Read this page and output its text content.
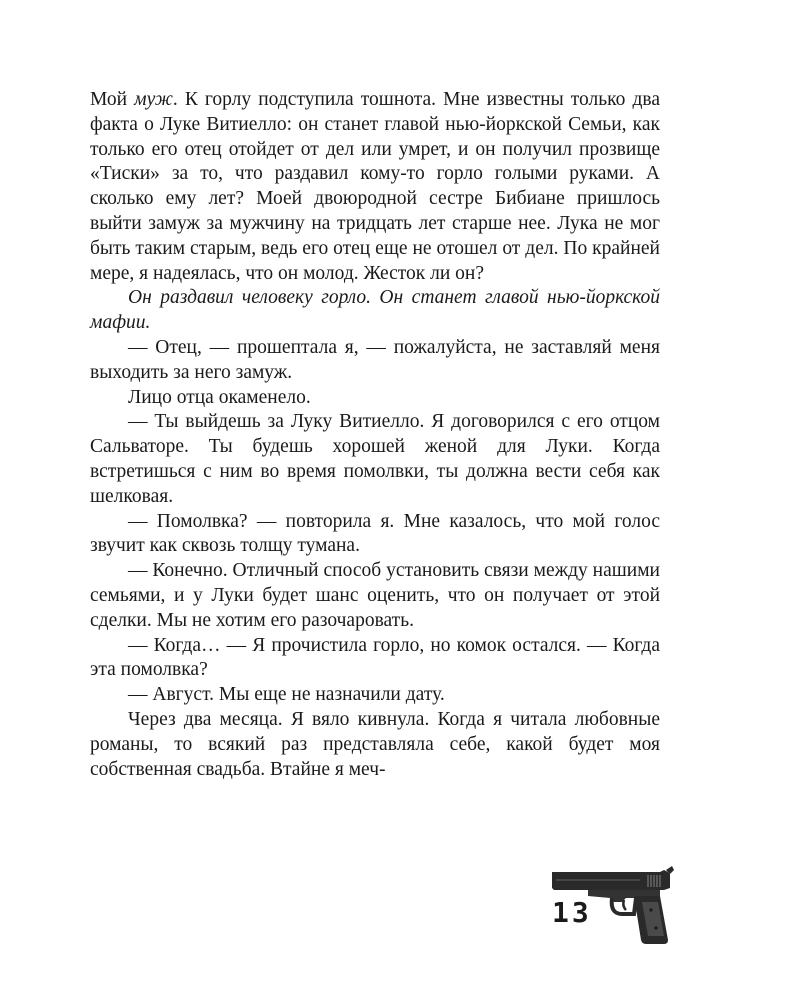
Мой муж. К горлу подступила тошнота. Мне известны только два факта о Луке Витиелло: он станет главой нью-йоркской Семьи, как только его отец отойдет от дел или умрет, и он получил прозвище «Тиски» за то, что раздавил кому-то горло голыми руками. А сколько ему лет? Моей двоюродной сестре Бибиане пришлось выйти замуж за мужчину на тридцать лет старше нее. Лука не мог быть таким старым, ведь его отец еще не отошел от дел. По крайней мере, я надеялась, что он молод. Жесток ли он?

Он раздавил человеку горло. Он станет главой нью-йоркской мафии.

— Отец, — прошептала я, — пожалуйста, не заставляй меня выходить за него замуж.

Лицо отца окаменело.

— Ты выйдешь за Луку Витиелло. Я договорился с его отцом Сальваторе. Ты будешь хорошей женой для Луки. Когда встретишься с ним во время помолвки, ты должна вести себя как шелковая.

— Помолвка? — повторила я. Мне казалось, что мой голос звучит как сквозь толщу тумана.

— Конечно. Отличный способ установить связи между нашими семьями, и у Луки будет шанс оценить, что он получает от этой сделки. Мы не хотим его разочаровать.

— Когда… — Я прочистила горло, но комок остался. — Когда эта помолвка?

— Август. Мы еще не назначили дату.

Через два месяца. Я вяло кивнула. Когда я читала любовные романы, то всякий раз представляла себе, какой будет моя собственная свадьба. Втайне я меч-

13
